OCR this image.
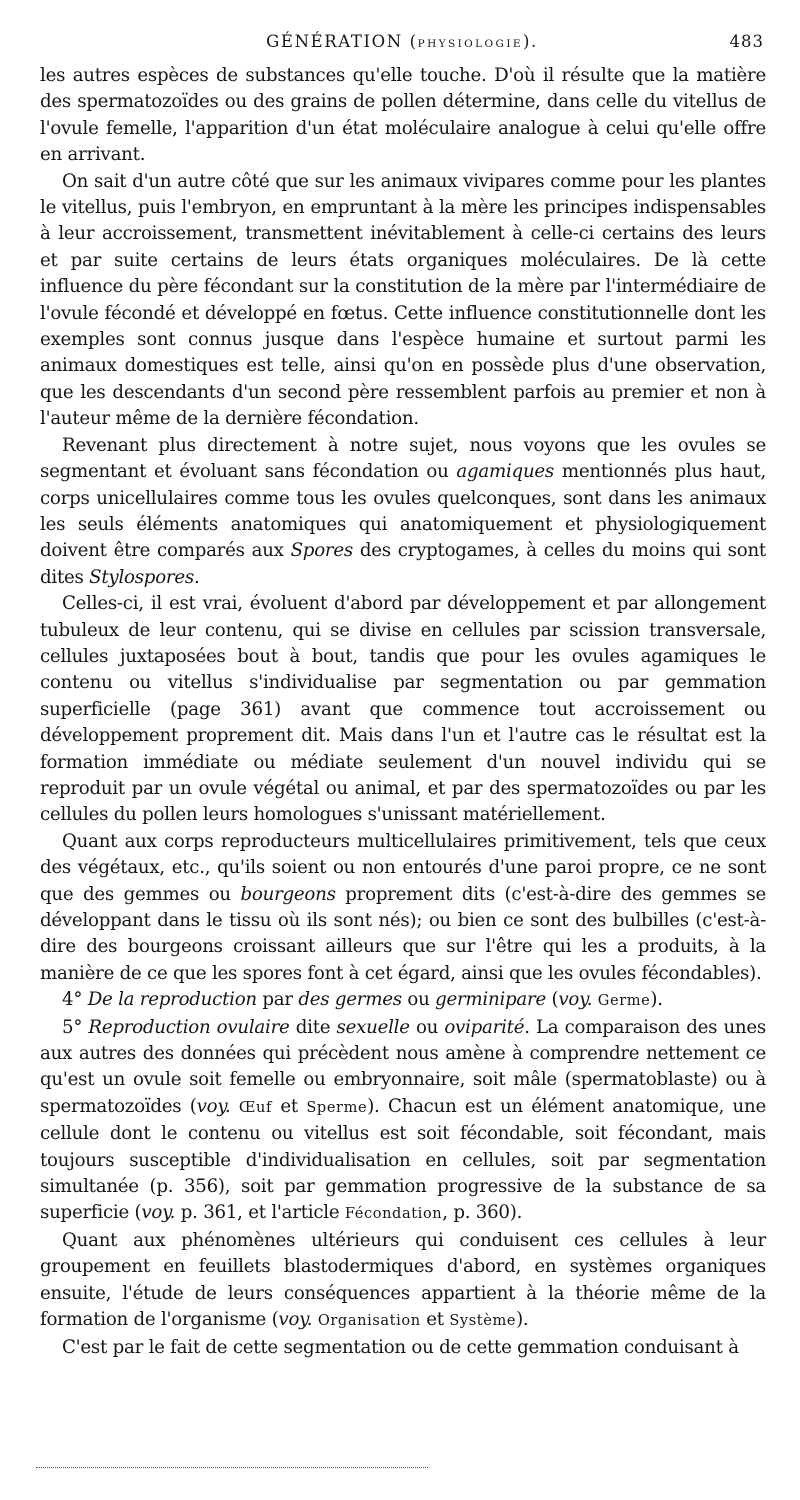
GÉNÉRATION (PHYSIOLOGIE).	483

les autres espèces de substances qu'elle touche. D'où il résulte que la matière des spermatozoïdes ou des grains de pollen détermine, dans celle du vitellus de l'ovule femelle, l'apparition d'un état moléculaire analogue à celui qu'elle offre en arrivant.

On sait d'un autre côté que sur les animaux vivipares comme pour les plantes le vitellus, puis l'embryon, en empruntant à la mère les principes indispensables à leur accroissement, transmettent inévitablement à celle-ci certains des leurs et par suite certains de leurs états organiques moléculaires. De là cette influence du père fécondant sur la constitution de la mère par l'intermédiaire de l'ovule fécondé et développé en fœtus. Cette influence constitutionnelle dont les exemples sont connus jusque dans l'espèce humaine et surtout parmi les animaux domestiques est telle, ainsi qu'on en possède plus d'une observation, que les descendants d'un second père ressemblent parfois au premier et non à l'auteur même de la dernière fécondation.

Revenant plus directement à notre sujet, nous voyons que les ovules se segmentant et évoluant sans fécondation ou agamiques mentionnés plus haut, corps unicellulaires comme tous les ovules quelconques, sont dans les animaux les seuls éléments anatomiques qui anatomiquement et physiologiquement doivent être comparés aux Spores des cryptogames, à celles du moins qui sont dites Stylospores.

Celles-ci, il est vrai, évoluent d'abord par développement et par allongement tubuleux de leur contenu, qui se divise en cellules par scission transversale, cellules juxtaposées bout à bout, tandis que pour les ovules agamiques le contenu ou vitellus s'individualise par segmentation ou par gemmation superficielle (page 361) avant que commence tout accroissement ou développement proprement dit. Mais dans l'un et l'autre cas le résultat est la formation immédiate ou médiate seulement d'un nouvel individu qui se reproduit par un ovule végétal ou animal, et par des spermatozoïdes ou par les cellules du pollen leurs homologues s'unissant matériellement.

Quant aux corps reproducteurs multicellulaires primitivement, tels que ceux des végétaux, etc., qu'ils soient ou non entourés d'une paroi propre, ce ne sont que des gemmes ou bourgeons proprement dits (c'est-à-dire des gemmes se développant dans le tissu où ils sont nés); ou bien ce sont des bulbilles (c'est-à-dire des bourgeons croissant ailleurs que sur l'être qui les a produits, à la manière de ce que les spores font à cet égard, ainsi que les ovules fécondables).

4° De la reproduction par des germes ou germinipare (voy. Germe).

5° Reproduction ovulaire dite sexuelle ou oviparité. La comparaison des unes aux autres des données qui précèdent nous amène à comprendre nettement ce qu'est un ovule soit femelle ou embryonnaire, soit mâle (spermatoblaste) ou à spermatozoïdes (voy. Œuf et Sperme). Chacun est un élément anatomique, une cellule dont le contenu ou vitellus est soit fécondable, soit fécondant, mais toujours susceptible d'individualisation en cellules, soit par segmentation simultanée (p. 356), soit par gemmation progressive de la substance de sa superficie (voy. p. 361, et l'article Fécondation, p. 360).

Quant aux phénomènes ultérieurs qui conduisent ces cellules à leur groupement en feuillets blastodermiques d'abord, en systèmes organiques ensuite, l'étude de leurs conséquences appartient à la théorie même de la formation de l'organisme (voy. Organisation et Système).

C'est par le fait de cette segmentation ou de cette gemmation conduisant à
